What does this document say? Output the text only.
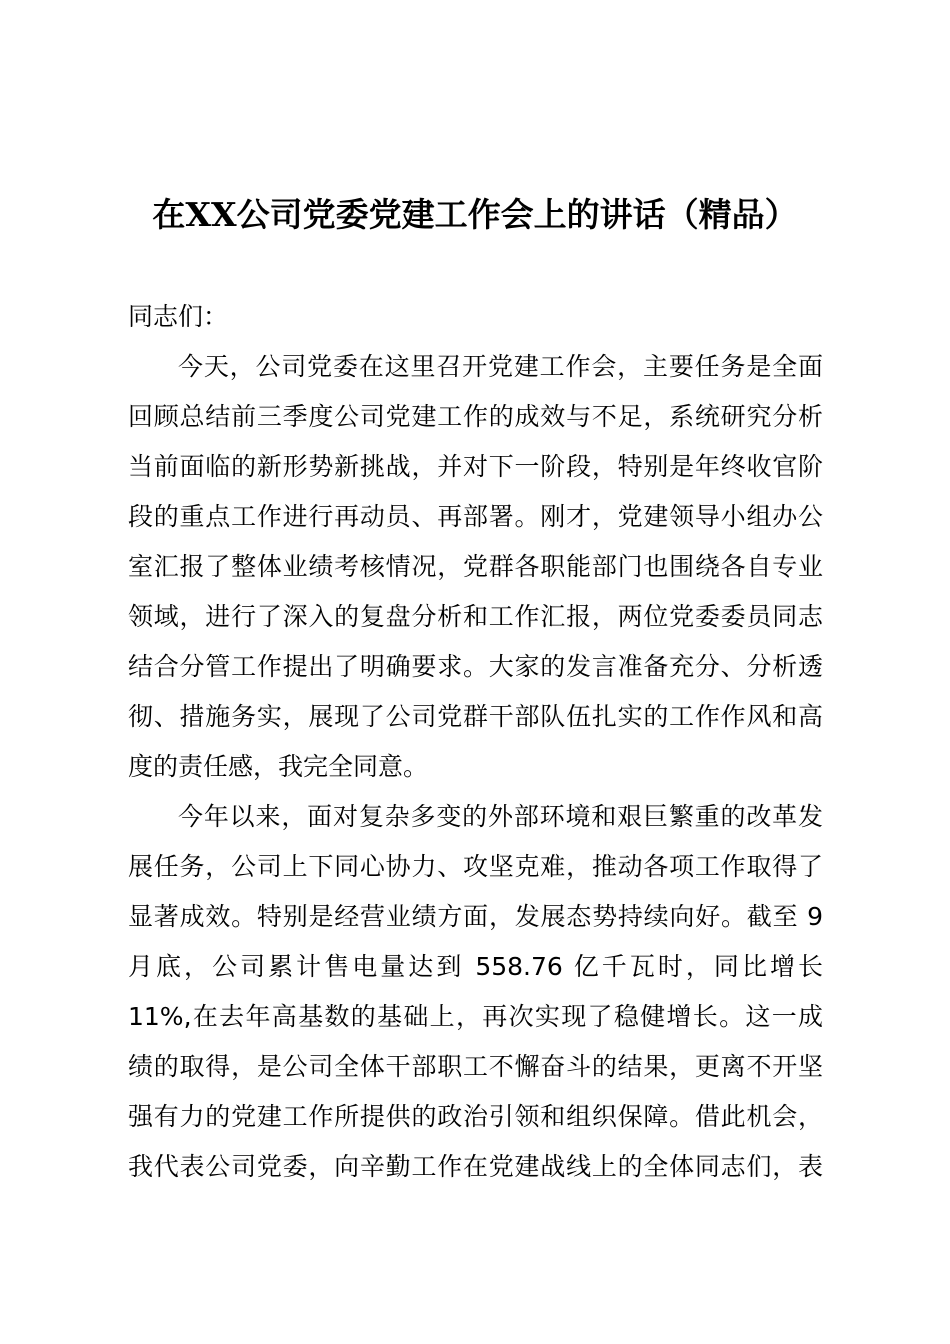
在XX公司党委党建工作会上的讲话（精品）

同志们：

今天，公司党委在这里召开党建工作会，主要任务是全面
回顾总结前三季度公司党建工作的成效与不足，系统研究分析
当前面临的新形势新挑战，并对下一阶段，特别是年终收官阶
段的重点工作进行再动员、再部署。刚才，党建领导小组办公
室汇报了整体业绩考核情况，党群各职能部门也围绕各自专业
领域，进行了深入的复盘分析和工作汇报，两位党委委员同志
结合分管工作提出了明确要求。大家的发言准备充分、分析透
彻、措施务实，展现了公司党群干部队伍扎实的工作作风和高
度的责任感，我完全同意。

今年以来，面对复杂多变的外部环境和艰巨繁重的改革发
展任务，公司上下同心协力、攻坚克难，推动各项工作取得了
显著成效。特别是经营业绩方面，发展态势持续向好。截至 9
月底，公司累计售电量达到 558.76 亿千瓦时，同比增长
11%,在去年高基数的基础上，再次实现了稳健增长。这一成
绩的取得，是公司全体干部职工不懈奋斗的结果，更离不开坚
强有力的党建工作所提供的政治引领和组织保障。借此机会，
我代表公司党委，向辛勤工作在党建战线上的全体同志们，表
